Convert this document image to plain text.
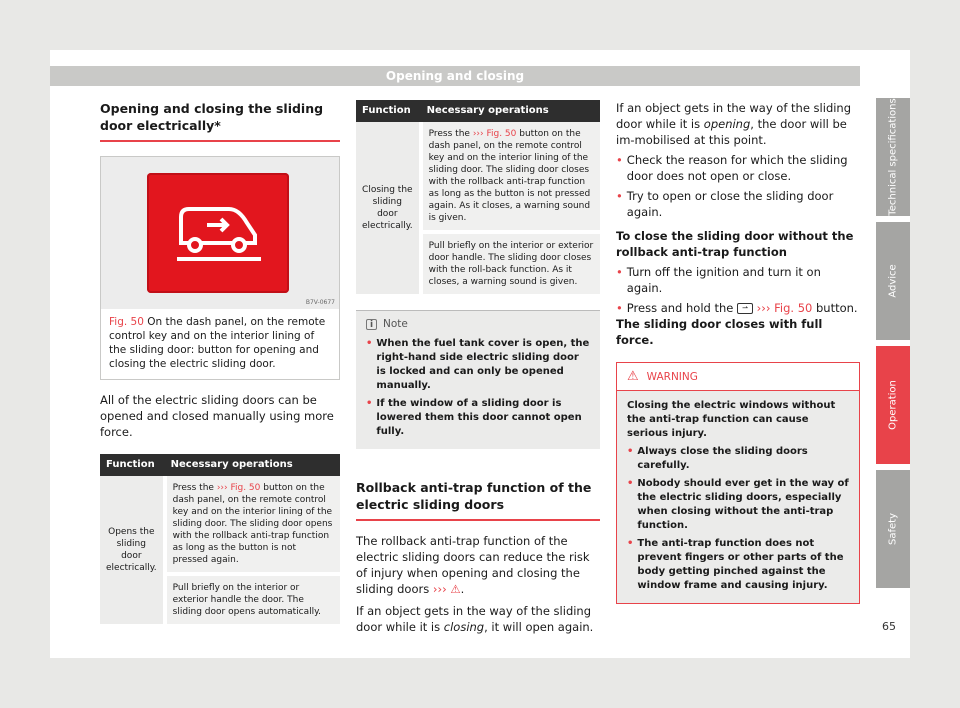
Opening and closing
Opening and closing the sliding door electrically*
B7V-0677
Fig. 50 On the dash panel, on the remote control key and on the interior lining of the sliding door: button for opening and closing the electric sliding door.

All of the electric sliding doors can be opened and closed manually using more force.

Function	Necessary operations
Opens the sliding door electrically.	Press the ››› Fig. 50 button on the dash panel, on the remote control key and on the interior lining of the sliding door. The sliding door opens with the rollback anti-trap function as long as the button is not pressed again.
	Pull briefly on the interior or exterior handle the door. The sliding door opens automatically.
Function	Necessary operations
Closing the sliding door electrically.	Press the ››› Fig. 50 button on the dash panel, on the remote control key and on the interior lining of the sliding door. The sliding door closes with the rollback anti-trap function as long as the button is not pressed again. As it closes, a warning sound is given.
	Pull briefly on the interior or exterior door handle. The sliding door closes with the roll-back function. As it closes, a warning sound is given.
i
Note
• When the fuel tank cover is open, the right-hand side electric sliding door is locked and can only be opened manually.
• If the window of a sliding door is lowered them this door cannot open fully.
Rollback anti-trap function of the electric sliding doors

The rollback anti-trap function of the electric sliding doors can reduce the risk of injury when opening and closing the sliding doors ››› ⚠.

If an object gets in the way of the sliding door while it is closing, it will open again.

If an object gets in the way of the sliding door while it is opening, the door will be im-mobilised at this point.

• Check the reason for which the sliding door does not open or close.
• Try to open or close the sliding door again.
To close the sliding door without the rollback anti-trap function
• Turn off the ignition and turn it on again.
• Press and hold the ⇀ ››› Fig. 50 button.
The sliding door closes with full force.
⚠ WARNING
Closing the electric windows without the anti-trap function can cause serious injury.
• Always close the sliding doors carefully.
• Nobody should ever get in the way of the electric sliding doors, especially when closing without the anti-trap function.
• The anti-trap function does not prevent fingers or other parts of the body getting pinched against the window frame and causing injury.
Technical specifications
Advice
Operation
Safety
65
